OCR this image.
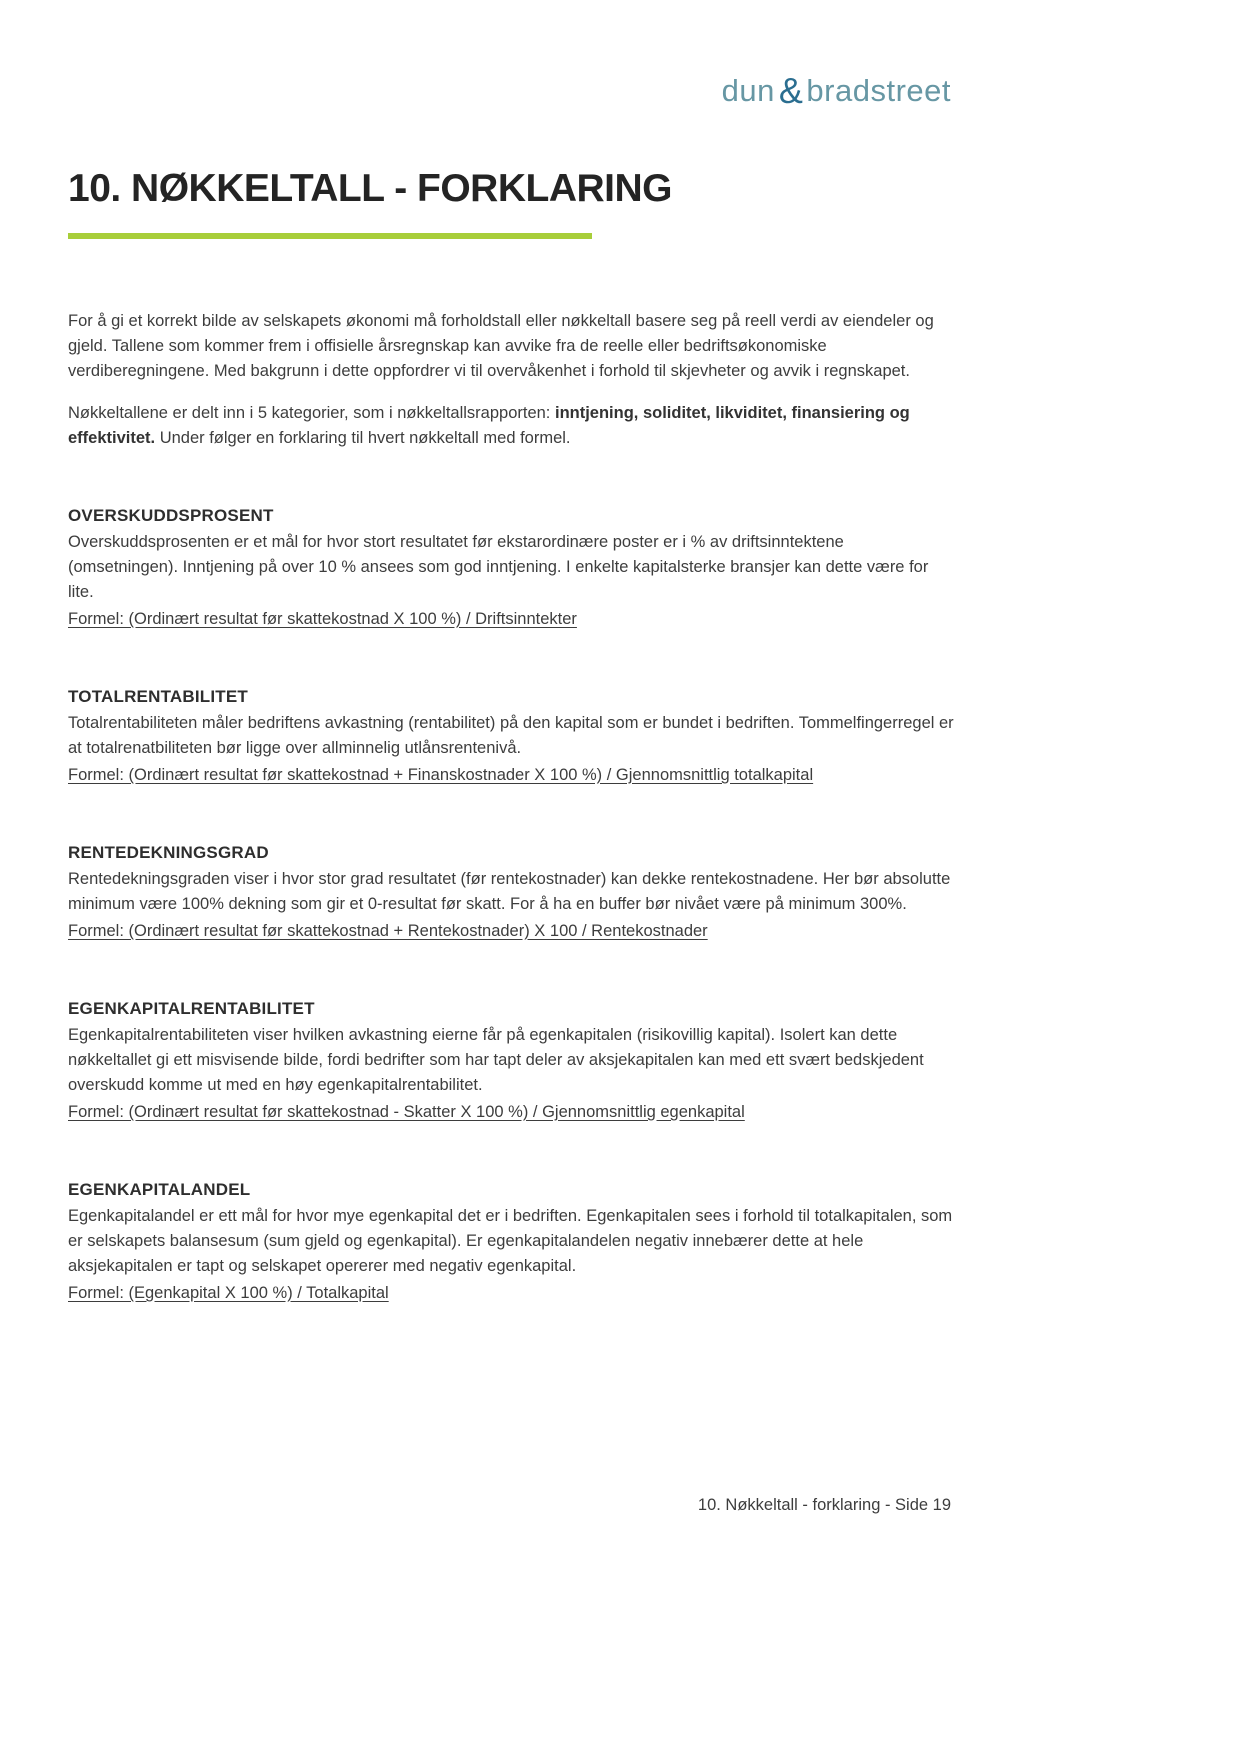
dun &bradstreet
10. NØKKELTALL - FORKLARING

For å gi et korrekt bilde av selskapets økonomi må forholdstall eller nøkkeltall basere seg på reell verdi av eiendeler og gjeld. Tallene som kommer frem i offisielle årsregnskap kan avvike fra de reelle eller bedriftsøkonomiske verdiberegningene. Med bakgrunn i dette oppfordrer vi til overvåkenhet i forhold til skjevheter og avvik i regnskapet.

Nøkkeltallene er delt inn i 5 kategorier, som i nøkkeltallsrapporten: inntjening, soliditet, likviditet, finansiering og effektivitet. Under følger en forklaring til hvert nøkkeltall med formel.

OVERSKUDDSPROSENT

Overskuddsprosenten er et mål for hvor stort resultatet før ekstarordinære poster er i % av driftsinntektene (omsetningen). Inntjening på over 10 % ansees som god inntjening. I enkelte kapitalsterke bransjer kan dette være for lite.

Formel: (Ordinært resultat før skattekostnad X 100 %) / Driftsinntekter

TOTALRENTABILITET

Totalrentabiliteten måler bedriftens avkastning (rentabilitet) på den kapital som er bundet i bedriften. Tommelfingerregel er at totalrenatbiliteten bør ligge over allminnelig utlånsrentenivå.

Formel: (Ordinært resultat før skattekostnad + Finanskostnader X 100 %) / Gjennomsnittlig totalkapital

RENTEDEKNINGSGRAD

Rentedekningsgraden viser i hvor stor grad resultatet (før rentekostnader) kan dekke rentekostnadene. Her bør absolutte minimum være 100% dekning som gir et 0-resultat før skatt. For å ha en buffer bør nivået være på minimum 300%.

Formel: (Ordinært resultat før skattekostnad + Rentekostnader) X 100 / Rentekostnader

EGENKAPITALRENTABILITET

Egenkapitalrentabiliteten viser hvilken avkastning eierne får på egenkapitalen (risikovillig kapital). Isolert kan dette nøkkeltallet gi ett misvisende bilde, fordi bedrifter som har tapt deler av aksjekapitalen kan med ett svært bedskjedent overskudd komme ut med en høy egenkapitalrentabilitet.

Formel: (Ordinært resultat før skattekostnad - Skatter X 100 %) / Gjennomsnittlig egenkapital

EGENKAPITALANDEL

Egenkapitalandel er ett mål for hvor mye egenkapital det er i bedriften. Egenkapitalen sees i forhold til totalkapitalen, som er selskapets balansesum (sum gjeld og egenkapital). Er egenkapitalandelen negativ innebærer dette at hele aksjekapitalen er tapt og selskapet opererer med negativ egenkapital.

Formel: (Egenkapital X 100 %) / Totalkapital

10. Nøkkeltall - forklaring - Side 19
